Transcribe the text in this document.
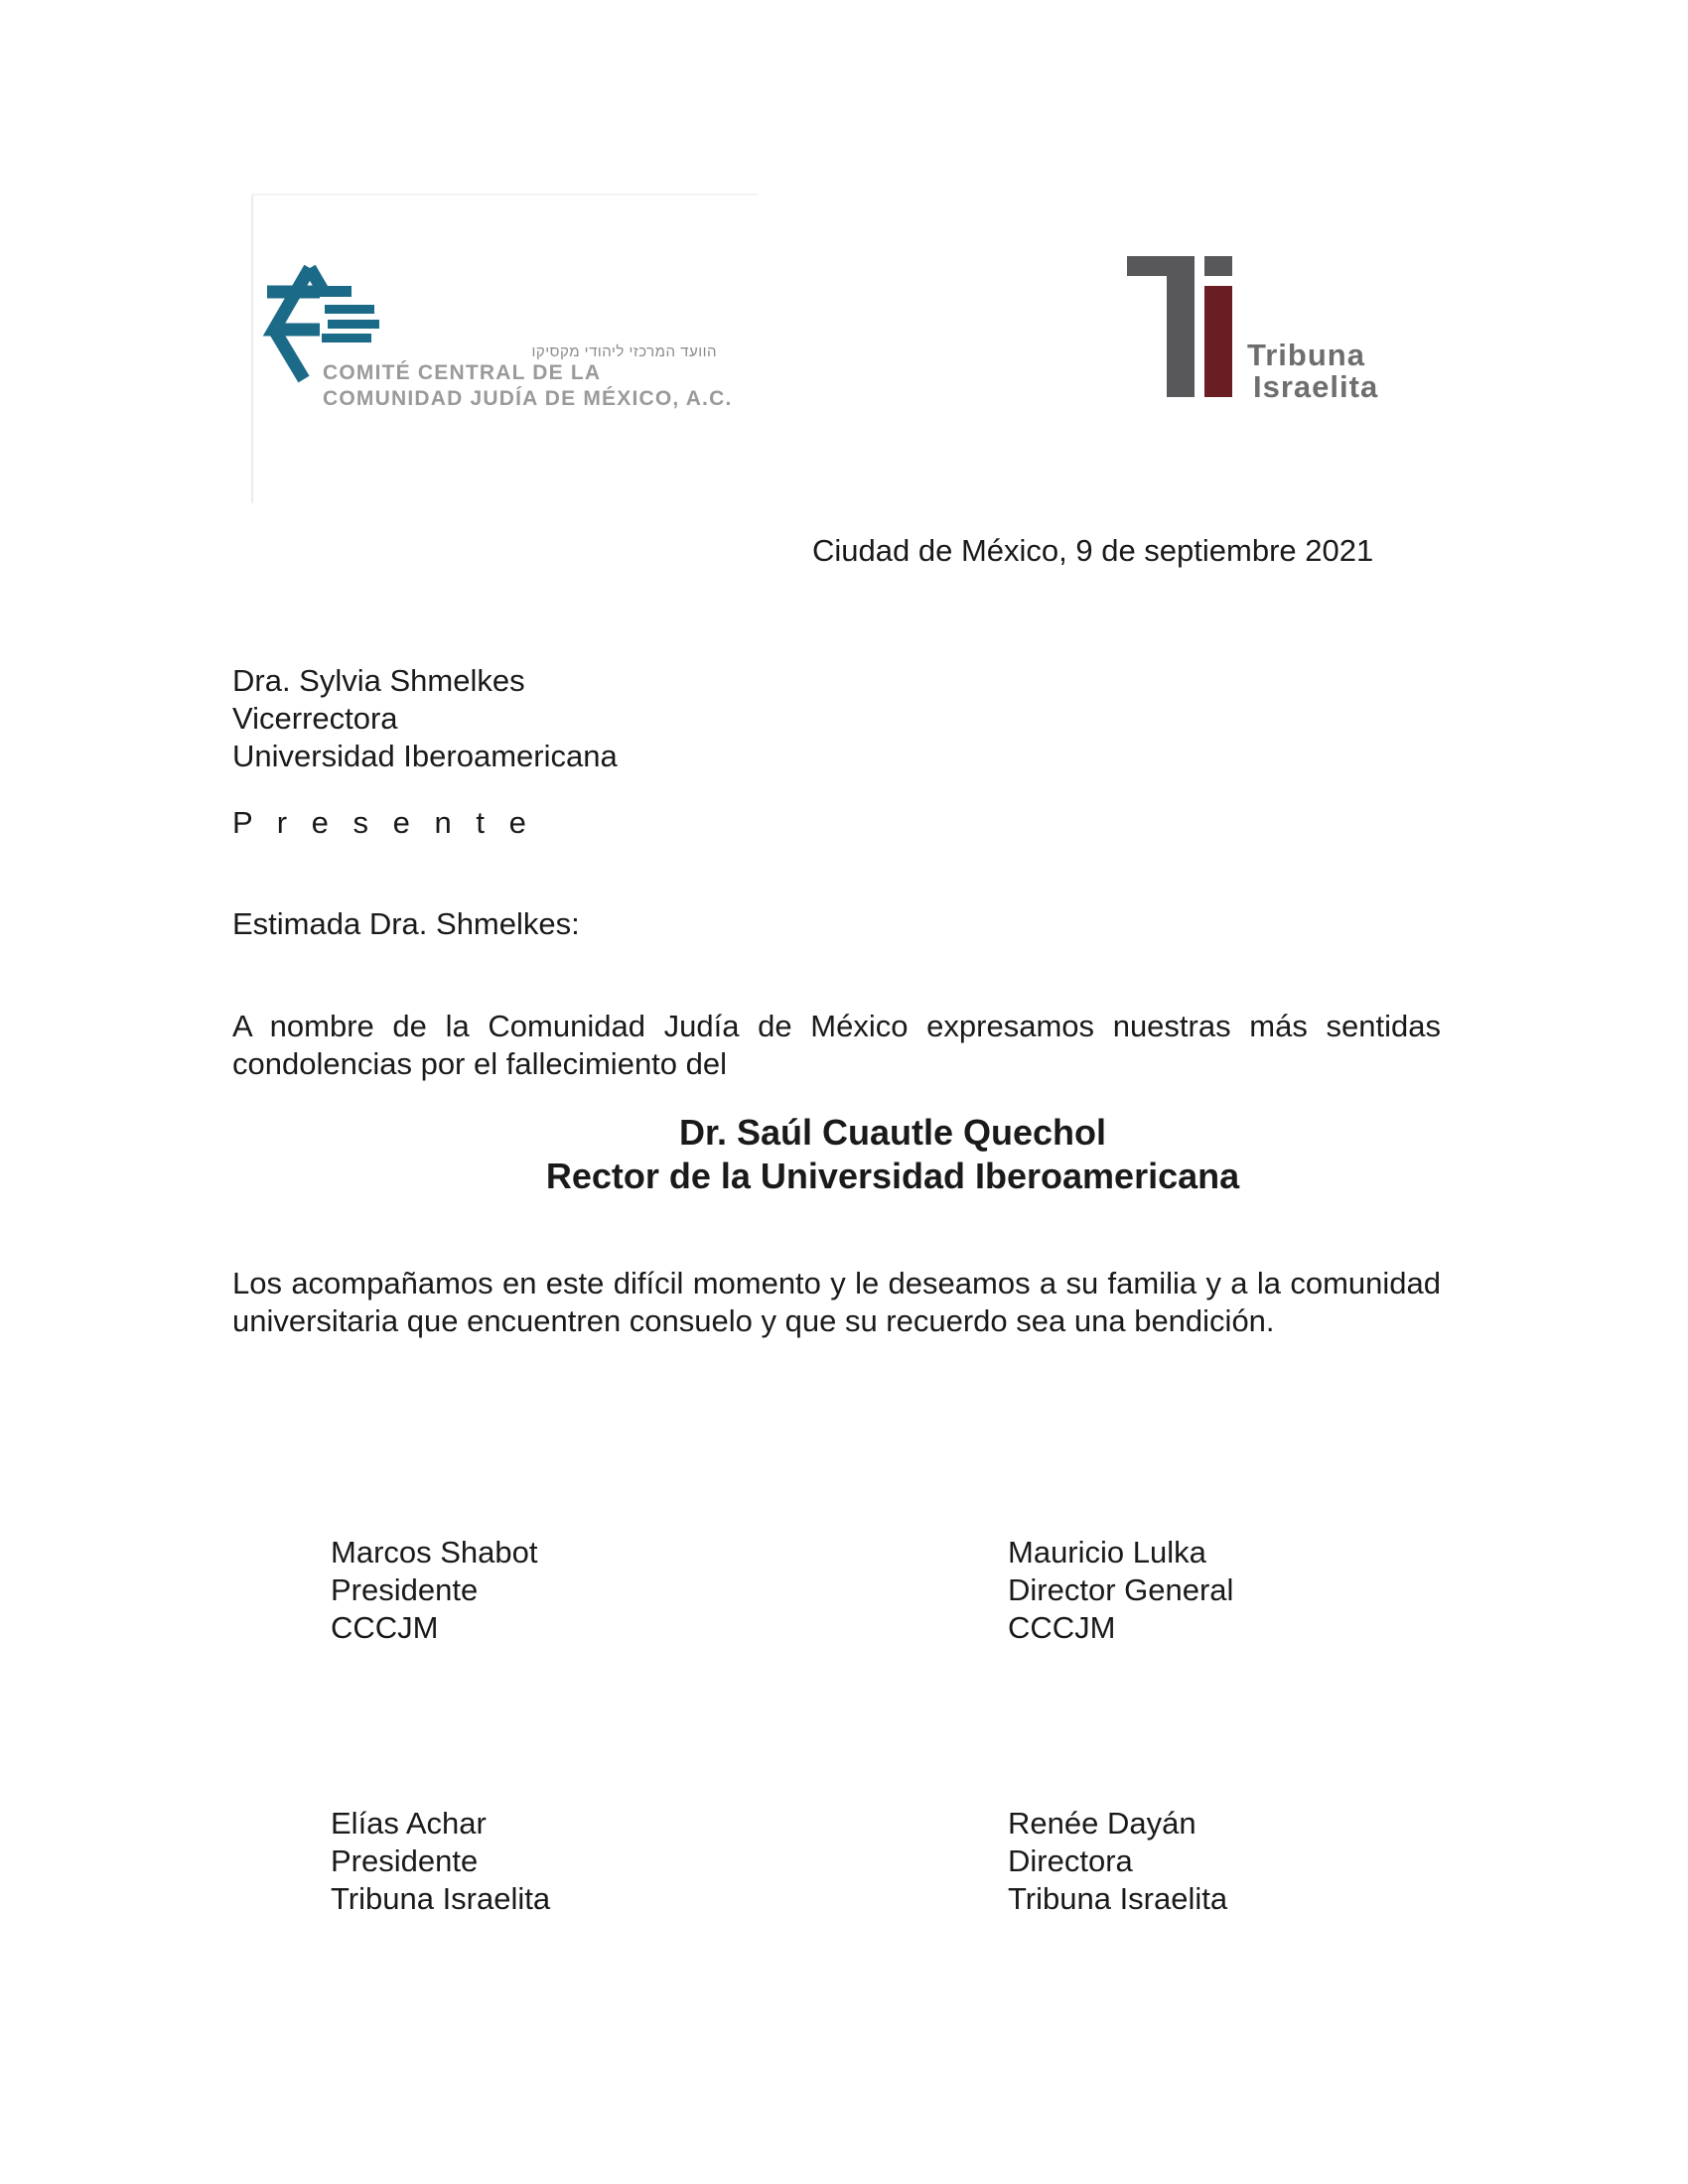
הוועד המרכזי ליהודי מקסיקו
COMITÉ CENTRAL DE LA
COMUNIDAD JUDÍA DE MÉXICO, A.C.
Tribuna
Israelita
Ciudad de México, 9 de septiembre 2021
Dra. Sylvia Shmelkes
Vicerrectora
Universidad Iberoamericana
P r e s e n t e
Estimada Dra. Shmelkes:
A nombre de la Comunidad Judía de México expresamos nuestras más sentidas condolencias por el fallecimiento del
Dr. Saúl Cuautle Quechol
Rector de la Universidad Iberoamericana
Los acompañamos en este difícil momento y le deseamos a su familia y a la comunidad universitaria que encuentren consuelo y que su recuerdo sea una bendición.
Marcos Shabot
Presidente
CCCJM
Mauricio Lulka
Director General
CCCJM
Elías Achar
Presidente
Tribuna Israelita
Renée Dayán
Directora
Tribuna Israelita
